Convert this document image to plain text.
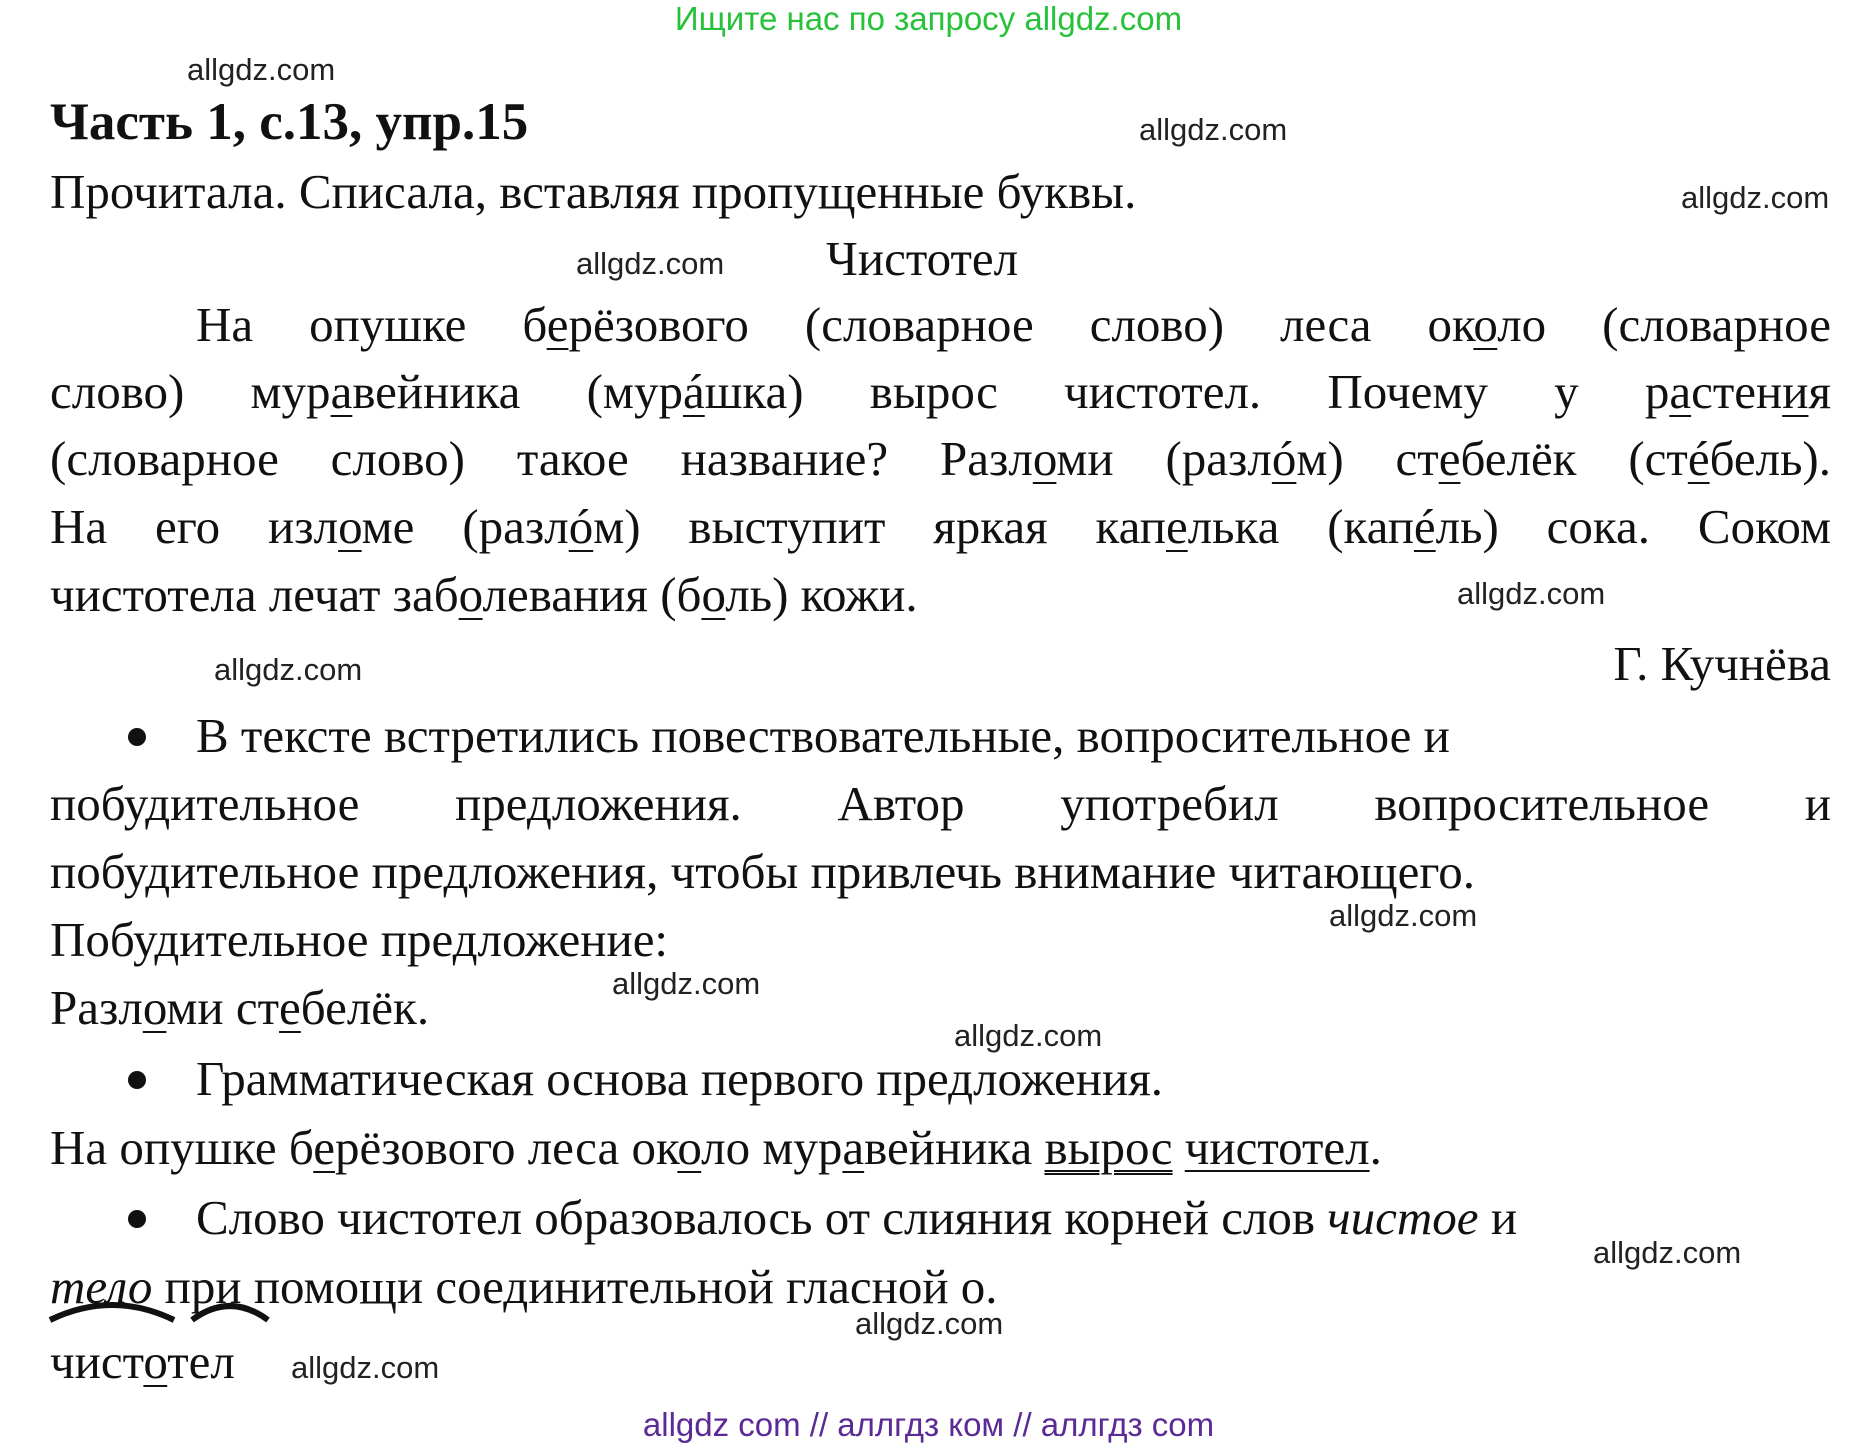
Ищите нас по запросу allgdz.com
allgdz.com
allgdz.com
allgdz.com
allgdz.com
allgdz.com
allgdz.com
allgdz.com
allgdz.com
allgdz.com
allgdz.com
allgdz.com
allgdz.com
Часть 1, с.13, упр.15
Прочитала. Списала, вставляя пропущенные буквы.
Чистотел
На опушке берёзового (словарное слово) леса около (словарное
слово) муравейника (мурáшка) вырос чистотел. Почему у растения
(словарное слово) такое название? Разломи (разлóм) стебелёк (стéбель).
На его изломе (разлóм) выступит яркая капелька (капéль) сока. Соком
чистотела лечат заболевания (боль) кожи.
Г. Кучнёва
В тексте встретились повествовательные, вопросительное и
побудительное предложения. Автор употребил вопросительное и
побудительное предложения, чтобы привлечь внимание читающего.
Побудительное предложение:
Разломи стебелёк.
Грамматическая основа первого предложения.
На опушке берёзового леса около муравейника вырос чистотел.
Слово чистотел образовалось от слияния корней слов чистое и
тело при помощи соединительной гласной о.
чистотел
allgdz com // аллгдз ком // аллгдз com
